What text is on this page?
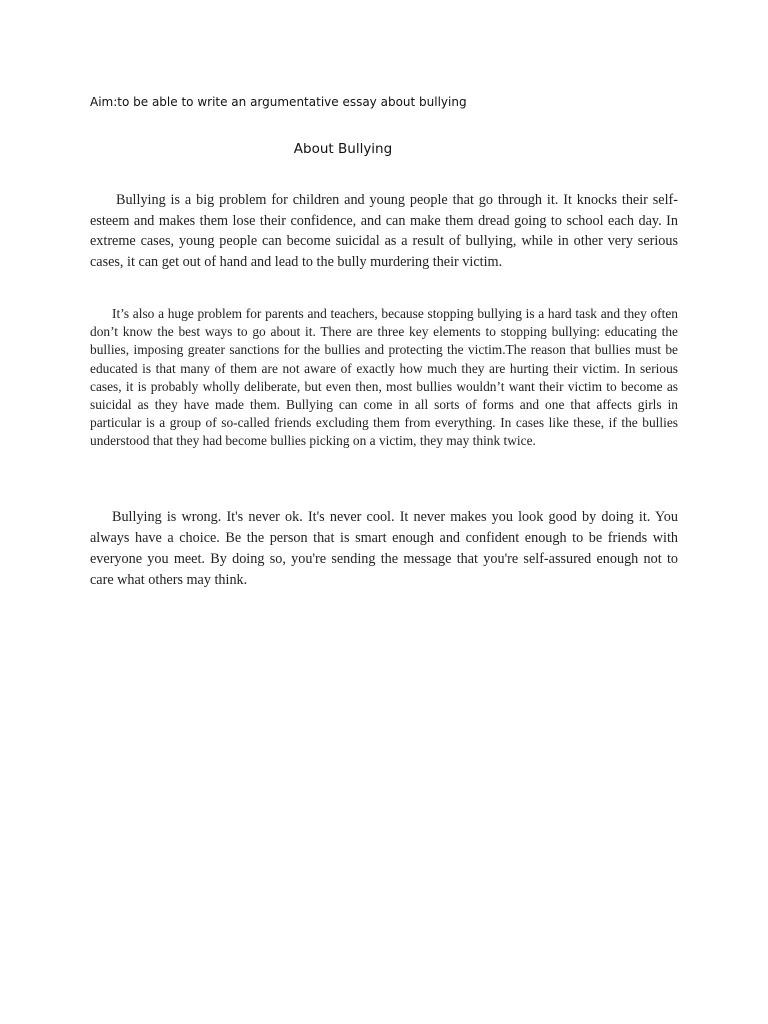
Aim:to be able to write an argumentative essay about bullying
About Bullying

Bullying is a big problem for children and young people that go through it. It knocks their self-esteem and makes them lose their confidence, and can make them dread going to school each day. In extreme cases, young people can become suicidal as a result of bullying, while in other very serious cases, it can get out of hand and lead to the bully murdering their victim.

It’s also a huge problem for parents and teachers, because stopping bullying is a hard task and they often don’t know the best ways to go about it. There are three key elements to stopping bullying: educating the bullies, imposing greater sanctions for the bullies and protecting the victim.The reason that bullies must be educated is that many of them are not aware of exactly how much they are hurting their victim. In serious cases, it is probably wholly deliberate, but even then, most bullies wouldn’t want their victim to become as suicidal as they have made them. Bullying can come in all sorts of forms and one that affects girls in particular is a group of so-called friends excluding them from everything. In cases like these, if the bullies understood that they had become bullies picking on a victim, they may think twice.

Bullying is wrong. It's never ok. It's never cool. It never makes you look good by doing it. You always have a choice. Be the person that is smart enough and confident enough to be friends with everyone you meet. By doing so, you're sending the message that you're self-assured enough not to care what others may think.
